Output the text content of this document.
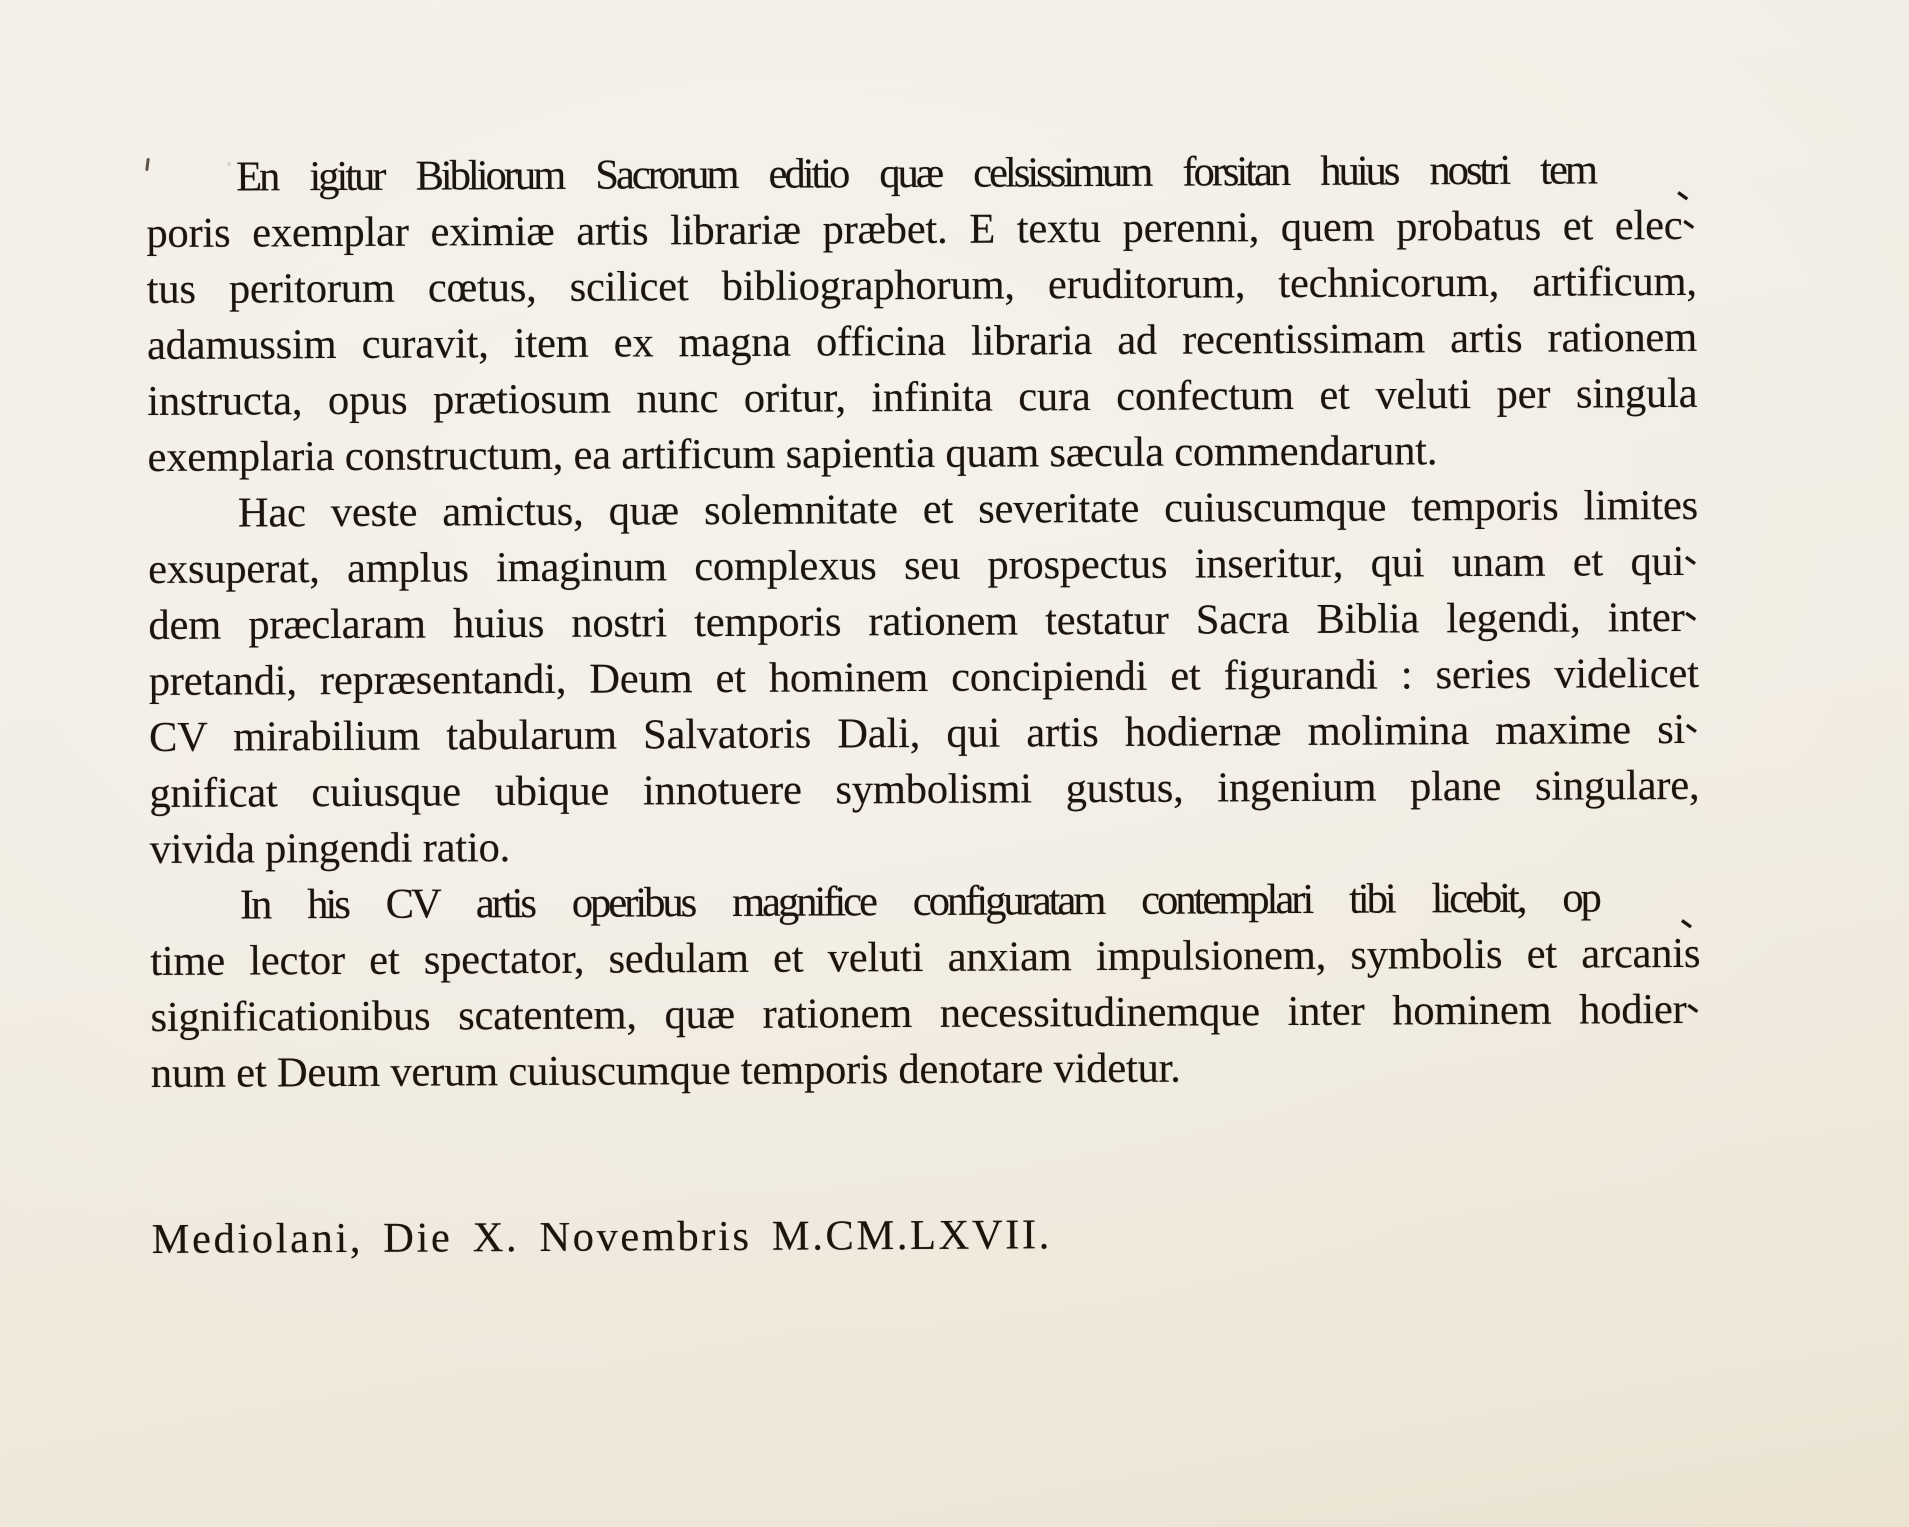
En igitur Bibliorum Sacrorum editio quæ celsissimum forsitan huius nostri tem -
poris exemplar eximiæ artis librariæ præbet. E textu perenni, quem probatus et elec-
tus peritorum cœtus, scilicet bibliographorum, eruditorum, technicorum, artificum,
adamussim curavit, item ex magna officina libraria ad recentissimam artis rationem
instructa, opus prætiosum nunc oritur, infinita cura confectum et veluti per singula
exemplaria constructum, ea artificum sapientia quam sæcula commendarunt.
Hac veste amictus, quæ solemnitate et severitate cuiuscumque temporis limites
exsuperat, amplus imaginum complexus seu prospectus inseritur, qui unam et qui-
dem præclaram huius nostri temporis rationem testatur Sacra Biblia legendi, inter-
pretandi, repræsentandi, Deum et hominem concipiendi et figurandi : series videlicet
CV mirabilium tabularum Salvatoris Dali, qui artis hodiernæ molimina maxime si-
gnificat cuiusque ubique innotuere symbolismi gustus, ingenium plane singulare,
vivida pingendi ratio.
In his CV artis operibus magnifice configuratam contemplari tibi licebit, op -
time lector et spectator, sedulam et veluti anxiam impulsionem, symbolis et arcanis
significationibus scatentem, quæ rationem necessitudinemque inter hominem hodier-
num et Deum verum cuiuscumque temporis denotare videtur.
Mediolani, Die X. Novembris M.CM.LXVII.
